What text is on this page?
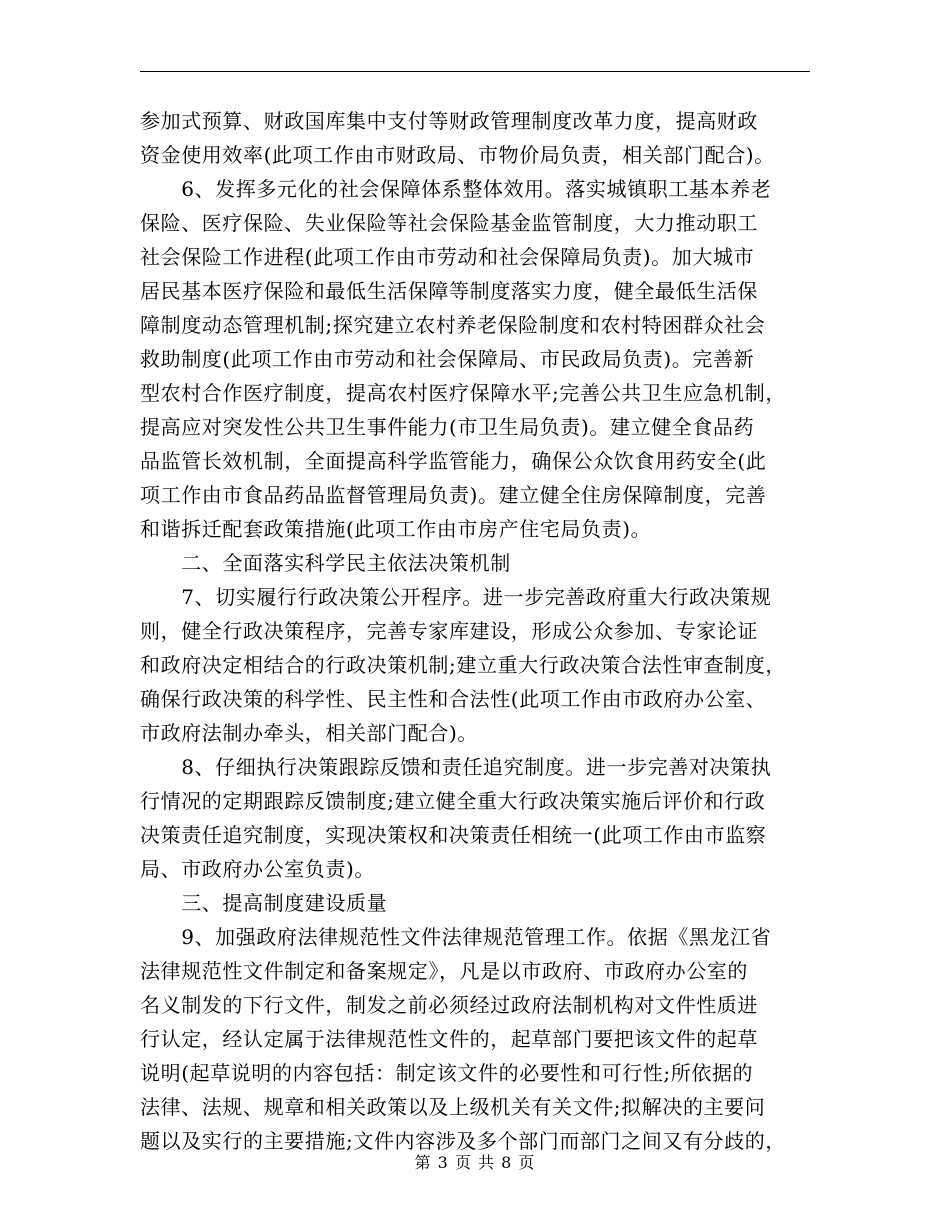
参加式预算、财政国库集中支付等财政管理制度改革力度，提高财政
资金使用效率(此项工作由市财政局、市物价局负责，相关部门配合)。
　　6、发挥多元化的社会保障体系整体效用。落实城镇职工基本养老
保险、医疗保险、失业保险等社会保险基金监管制度，大力推动职工
社会保险工作进程(此项工作由市劳动和社会保障局负责)。加大城市
居民基本医疗保险和最低生活保障等制度落实力度，健全最低生活保
障制度动态管理机制;探究建立农村养老保险制度和农村特困群众社会
救助制度(此项工作由市劳动和社会保障局、市民政局负责)。完善新
型农村合作医疗制度，提高农村医疗保障水平;完善公共卫生应急机制，
提高应对突发性公共卫生事件能力(市卫生局负责)。建立健全食品药
品监管长效机制，全面提高科学监管能力，确保公众饮食用药安全(此
项工作由市食品药品监督管理局负责)。建立健全住房保障制度，完善
和谐拆迁配套政策措施(此项工作由市房产住宅局负责)。
　　二、全面落实科学民主依法决策机制
　　7、切实履行行政决策公开程序。进一步完善政府重大行政决策规
则，健全行政决策程序，完善专家库建设，形成公众参加、专家论证
和政府决定相结合的行政决策机制;建立重大行政决策合法性审查制度，
确保行政决策的科学性、民主性和合法性(此项工作由市政府办公室、
市政府法制办牵头，相关部门配合)。
　　8、仔细执行决策跟踪反馈和责任追究制度。进一步完善对决策执
行情况的定期跟踪反馈制度;建立健全重大行政决策实施后评价和行政
决策责任追究制度，实现决策权和决策责任相统一(此项工作由市监察
局、市政府办公室负责)。
　　三、提高制度建设质量
　　9、加强政府法律规范性文件法律规范管理工作。依据《黑龙江省
法律规范性文件制定和备案规定》，凡是以市政府、市政府办公室的
名义制发的下行文件，制发之前必须经过政府法制机构对文件性质进
行认定，经认定属于法律规范性文件的，起草部门要把该文件的起草
说明(起草说明的内容包括：制定该文件的必要性和可行性;所依据的
法律、法规、规章和相关政策以及上级机关有关文件;拟解决的主要问
题以及实行的主要措施;文件内容涉及多个部门而部门之间又有分歧的，
第 3 页 共 8 页
